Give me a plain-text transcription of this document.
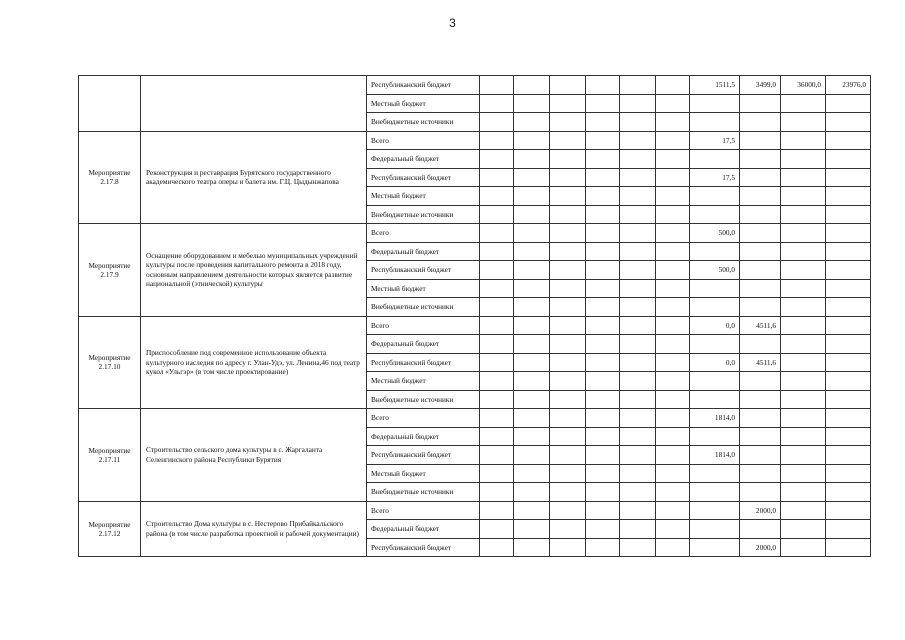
3
		Республиканский бюджет							1511,5	3499,0	36000,0	23976,0
		Местный бюджет										
		Внебюджетные источники										
Мероприятие 2.17.8	Реконструкция и реставрация Бурятского государственного академического театра оперы и балета им. Г.Ц. Цыдынжапова	Всего							17,5			
		Федеральный бюджет										
		Республиканский бюджет							17,5			
		Местный бюджет										
		Внебюджетные источники										
Мероприятие 2.17.9	Оснащение оборудованием и мебелью муниципальных учреждений культуры после проведения капитального ремонта в 2018 году, основным направлением деятельности которых является развитие национальной (этнической) культуры	Всего							500,0			
		Федеральный бюджет										
		Республиканский бюджет							500,0			
		Местный бюджет										
		Внебюджетные источники										
Мероприятие 2.17.10	Приспособление под современное использование объекта культурного наследия по адресу г. Улан-Удэ, ул. Ленина,46 под театр кукол «Ульгэр» (в том числе проектирование)	Всего							0,0	4511,6		
		Федеральный бюджет										
		Республиканский бюджет							0,0	4511,6		
		Местный бюджет										
		Внебюджетные источники										
Мероприятие 2.17.11	Строительство сельского дома культуры в с. Жаргаланта Селенгинского района Республики Бурятия	Всего							1814,0			
		Федеральный бюджет										
		Республиканский бюджет							1814,0			
		Местный бюджет										
		Внебюджетные источники										
Мероприятие 2.17.12	Строительство Дома культуры в с. Нестерово Прибайкальского района (в том числе разработка проектной и рабочей документации)	Всего								2000,0		
		Федеральный бюджет										
		Республиканский бюджет								2000,0		
